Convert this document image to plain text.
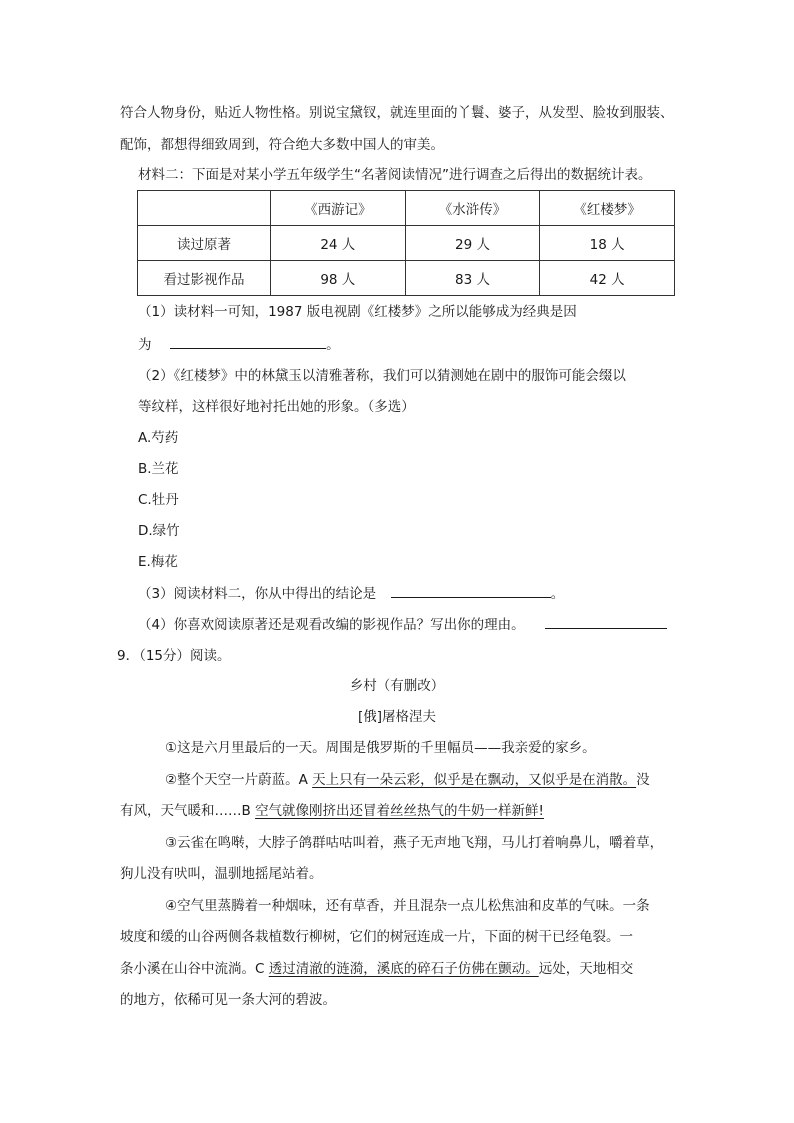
符合人物身份，贴近人物性格。别说宝黛钗，就连里面的丫鬟、婆子，从发型、脸妆到服装、
配饰，都想得细致周到，符合绝大多数中国人的审美。
材料二：下面是对某小学五年级学生“名著阅读情况”进行调查之后得出的数据统计表。
	《西游记》	《水浒传》	《红楼梦》
读过原著	24 人	29 人	18 人
看过影视作品	98 人	83 人	42 人
（1）读材料一可知，1987 版电视剧《红楼梦》之所以能够成为经典是因
为	。
（2）《红楼梦》中的林黛玉以清雅著称，我们可以猜测她在剧中的服饰可能会缀以
等纹样，这样很好地衬托出她的形象。（多选）
A.芍药
B.兰花
C.牡丹
D.绿竹
E.梅花
（3）阅读材料二，你从中得出的结论是	。
（4）你喜欢阅读原著还是观看改编的影视作品？写出你的理由。
9．（15分）阅读。
乡村（有删改）
[俄]屠格涅夫
①这是六月里最后的一天。周围是俄罗斯的千里幅员——我亲爱的家乡。
②整个天空一片蔚蓝。A 天上只有一朵云彩，似乎是在飘动，又似乎是在消散。没
有风，天气暖和……B 空气就像刚挤出还冒着丝丝热气的牛奶一样新鲜!
③云雀在鸣啭，大脖子鸽群咕咕叫着，燕子无声地飞翔，马儿打着响鼻儿，嚼着草，
狗儿没有吠叫，温驯地摇尾站着。
④空气里蒸腾着一种烟味，还有草香，并且混杂一点儿松焦油和皮革的气味。一条
坡度和缓的山谷两侧各栽植数行柳树，它们的树冠连成一片，下面的树干已经龟裂。一
条小溪在山谷中流淌。C 透过清澈的涟漪，溪底的碎石子仿佛在颤动。远处，天地相交
的地方，依稀可见一条大河的碧波。
